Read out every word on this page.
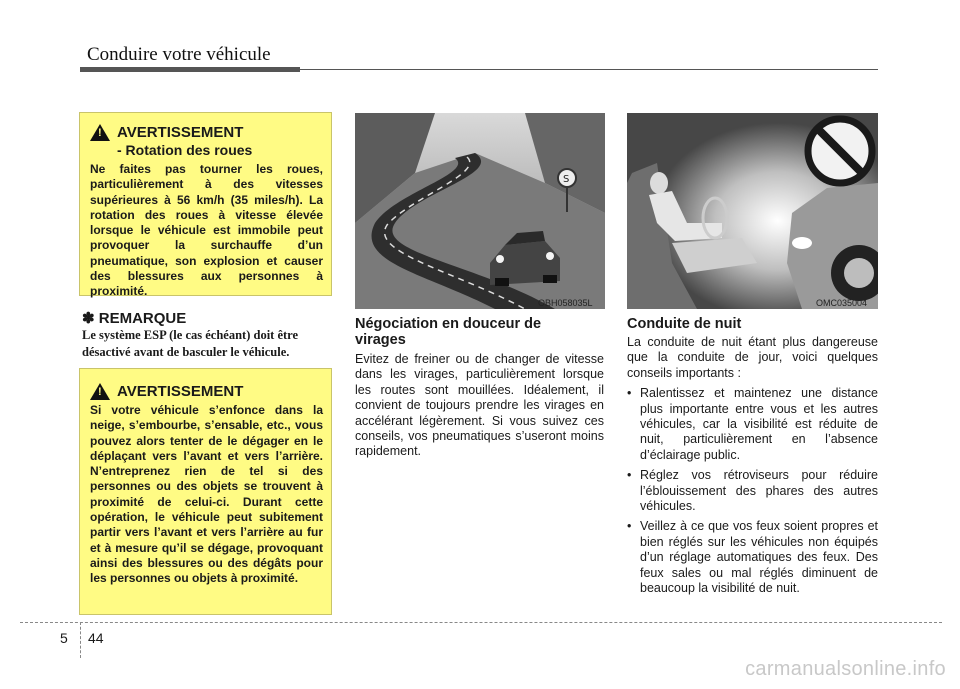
Conduire votre véhicule
! AVERTISSEMENT
- Rotation des roues
Ne faites pas tourner les roues, particulièrement à des vitesses supérieures à 56 km/h (35 miles/h). La rotation des roues à vitesse élevée lorsque le véhicule est immobile peut provoquer la surchauffe d’un pneumatique, son explosion et causer des blessures aux personnes à proximité.
✽ REMARQUE
Le système ESP (le cas échéant) doit être désactivé avant de basculer le véhicule.
! AVERTISSEMENT
Si votre véhicule s’enfonce dans la neige, s’embourbe, s’ensable, etc., vous pouvez alors tenter de le dégager en le déplaçant vers l’avant et vers l’arrière. N’entreprenez rien de tel si des personnes ou des objets se trouvent à proximité de celui-ci. Durant cette opération, le véhicule peut subitement partir vers l’avant et vers l’arrière au fur et à mesure qu’il se dégage, provoquant ainsi des blessures ou des dégâts pour les personnes ou objets à proximité.
S
OBH058035L	OMC035004
Négociation en douceur de virages
Evitez de freiner ou de changer de vitesse dans les virages, particulièrement lorsque les routes sont mouillées. Idéalement, il convient de toujours prendre les virages en accélérant légèrement. Si vous suivez ces conseils, vos pneumatiques s’useront moins rapidement.
Conduite de nuit
La conduite de nuit étant plus dangereuse que la conduite de jour, voici quelques conseils importants :
• Ralentissez et maintenez une distance plus importante entre vous et les autres véhicules, car la visibilité est réduite de nuit, particulièrement en l’absence d’éclairage public.
• Réglez vos rétroviseurs pour réduire l’éblouissement des phares des autres véhicules.
• Veillez à ce que vos feux soient propres et bien réglés sur les véhicules non équipés d’un réglage automatiques des feux. Des feux sales ou mal réglés diminuent de beaucoup la visibilité de nuit.
5 44
carmanualsonline.info
